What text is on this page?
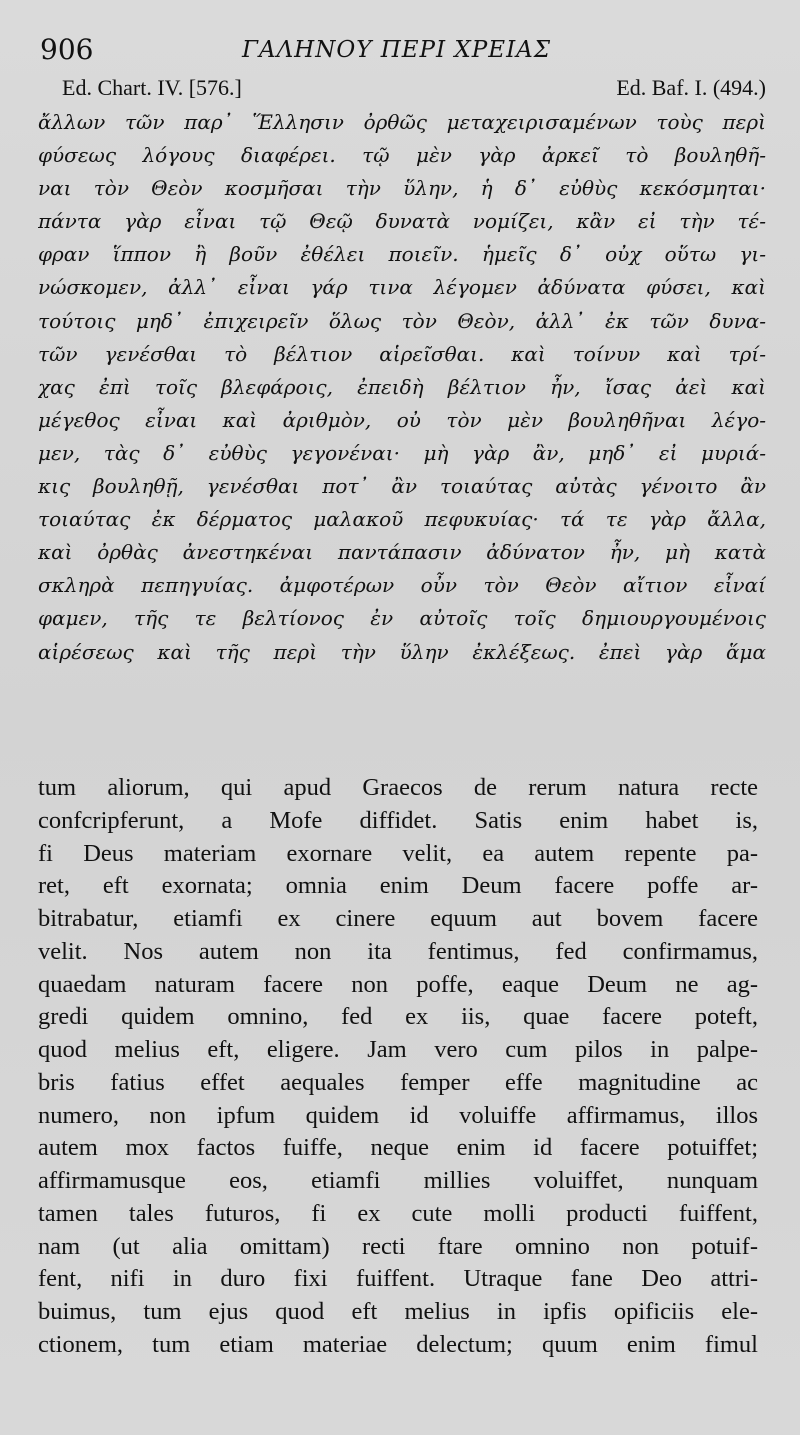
906	ΓΑΛΗΝΟΥ ΠΕΡΙ ΧΡΕΙΑΣ
Ed. Chart. IV. [576.]	Ed. Baf. I. (494.)
ἄλλων τῶν παρ᾿ Ἕλλησιν ὀρθῶς μεταχειρισαμένων τοὺς περὶ
φύσεως λόγους διαφέρει. τῷ μὲν γὰρ ἀρκεῖ τὸ βουληθῆ-
ναι τὸν Θεὸν κοσμῆσαι τὴν ὕλην, ἡ δ᾿ εὐθὺς κεκόσμηται·
πάντα γὰρ εἶναι τῷ Θεῷ δυνατὰ νομίζει, κἂν εἰ τὴν τέ-
φραν ἵππον ἢ βοῦν ἐθέλει ποιεῖν. ἡμεῖς δ᾿ οὐχ οὕτω γι-
νώσκομεν, ἀλλ᾿ εἶναι γάρ τινα λέγομεν ἀδύνατα φύσει, καὶ
τούτοις μηδ᾿ ἐπιχειρεῖν ὅλως τὸν Θεὸν, ἀλλ᾿ ἐκ τῶν δυνα-
τῶν γενέσθαι τὸ βέλτιον αἱρεῖσθαι. καὶ τοίνυν καὶ τρί-
χας ἐπὶ τοῖς βλεφάροις, ἐπειδὴ βέλτιον ἦν, ἴσας ἀεὶ καὶ
μέγεθος εἶναι καὶ ἀριθμὸν, οὐ τὸν μὲν βουληθῆναι λέγο-
μεν, τὰς δ᾿ εὐθὺς γεγονέναι· μὴ γὰρ ἂν, μηδ᾿ εἰ μυριά-
κις βουληθῇ, γενέσθαι ποτ᾿ ἂν τοιαύτας αὐτὰς γένοιτο ἂν
τοιαύτας ἐκ δέρματος μαλακοῦ πεφυκυίας· τά τε γὰρ ἄλλα,
καὶ ὀρθὰς ἀνεστηκέναι παντάπασιν ἀδύνατον ἦν, μὴ κατὰ
σκληρὰ πεπηγυίας. ἀμφοτέρων οὖν τὸν Θεὸν αἴτιον εἶναί
φαμεν, τῆς τε βελτίονος ἐν αὐτοῖς τοῖς δημιουργουμένοις
αἱρέσεως καὶ τῆς περὶ τὴν ὕλην ἐκλέξεως. ἐπεὶ γὰρ ἅμα
tum aliorum, qui apud Graecos de rerum natura recte
confcripferunt, a Mofe diffidet. Satis enim habet is,
fi Deus materiam exornare velit, ea autem repente pa-
ret, eft exornata; omnia enim Deum facere poffe ar-
bitrabatur, etiamfi ex cinere equum aut bovem facere
velit. Nos autem non ita fentimus, fed confirmamus,
quaedam naturam facere non poffe, eaque Deum ne ag-
gredi quidem omnino, fed ex iis, quae facere poteft,
quod melius eft, eligere. Jam vero cum pilos in palpe-
bris fatius effet aequales femper effe magnitudine ac
numero, non ipfum quidem id voluiffe affirmamus, illos
autem mox factos fuiffe, neque enim id facere potuiffet;
affirmamusque eos, etiamfi millies voluiffet, nunquam
tamen tales futuros, fi ex cute molli producti fuiffent,
nam (ut alia omittam) recti ftare omnino non potuif-
fent, nifi in duro fixi fuiffent. Utraque fane Deo attri-
buimus, tum ejus quod eft melius in ipfis opificiis ele-
ctionem, tum etiam materiae delectum; quum enim fimul
